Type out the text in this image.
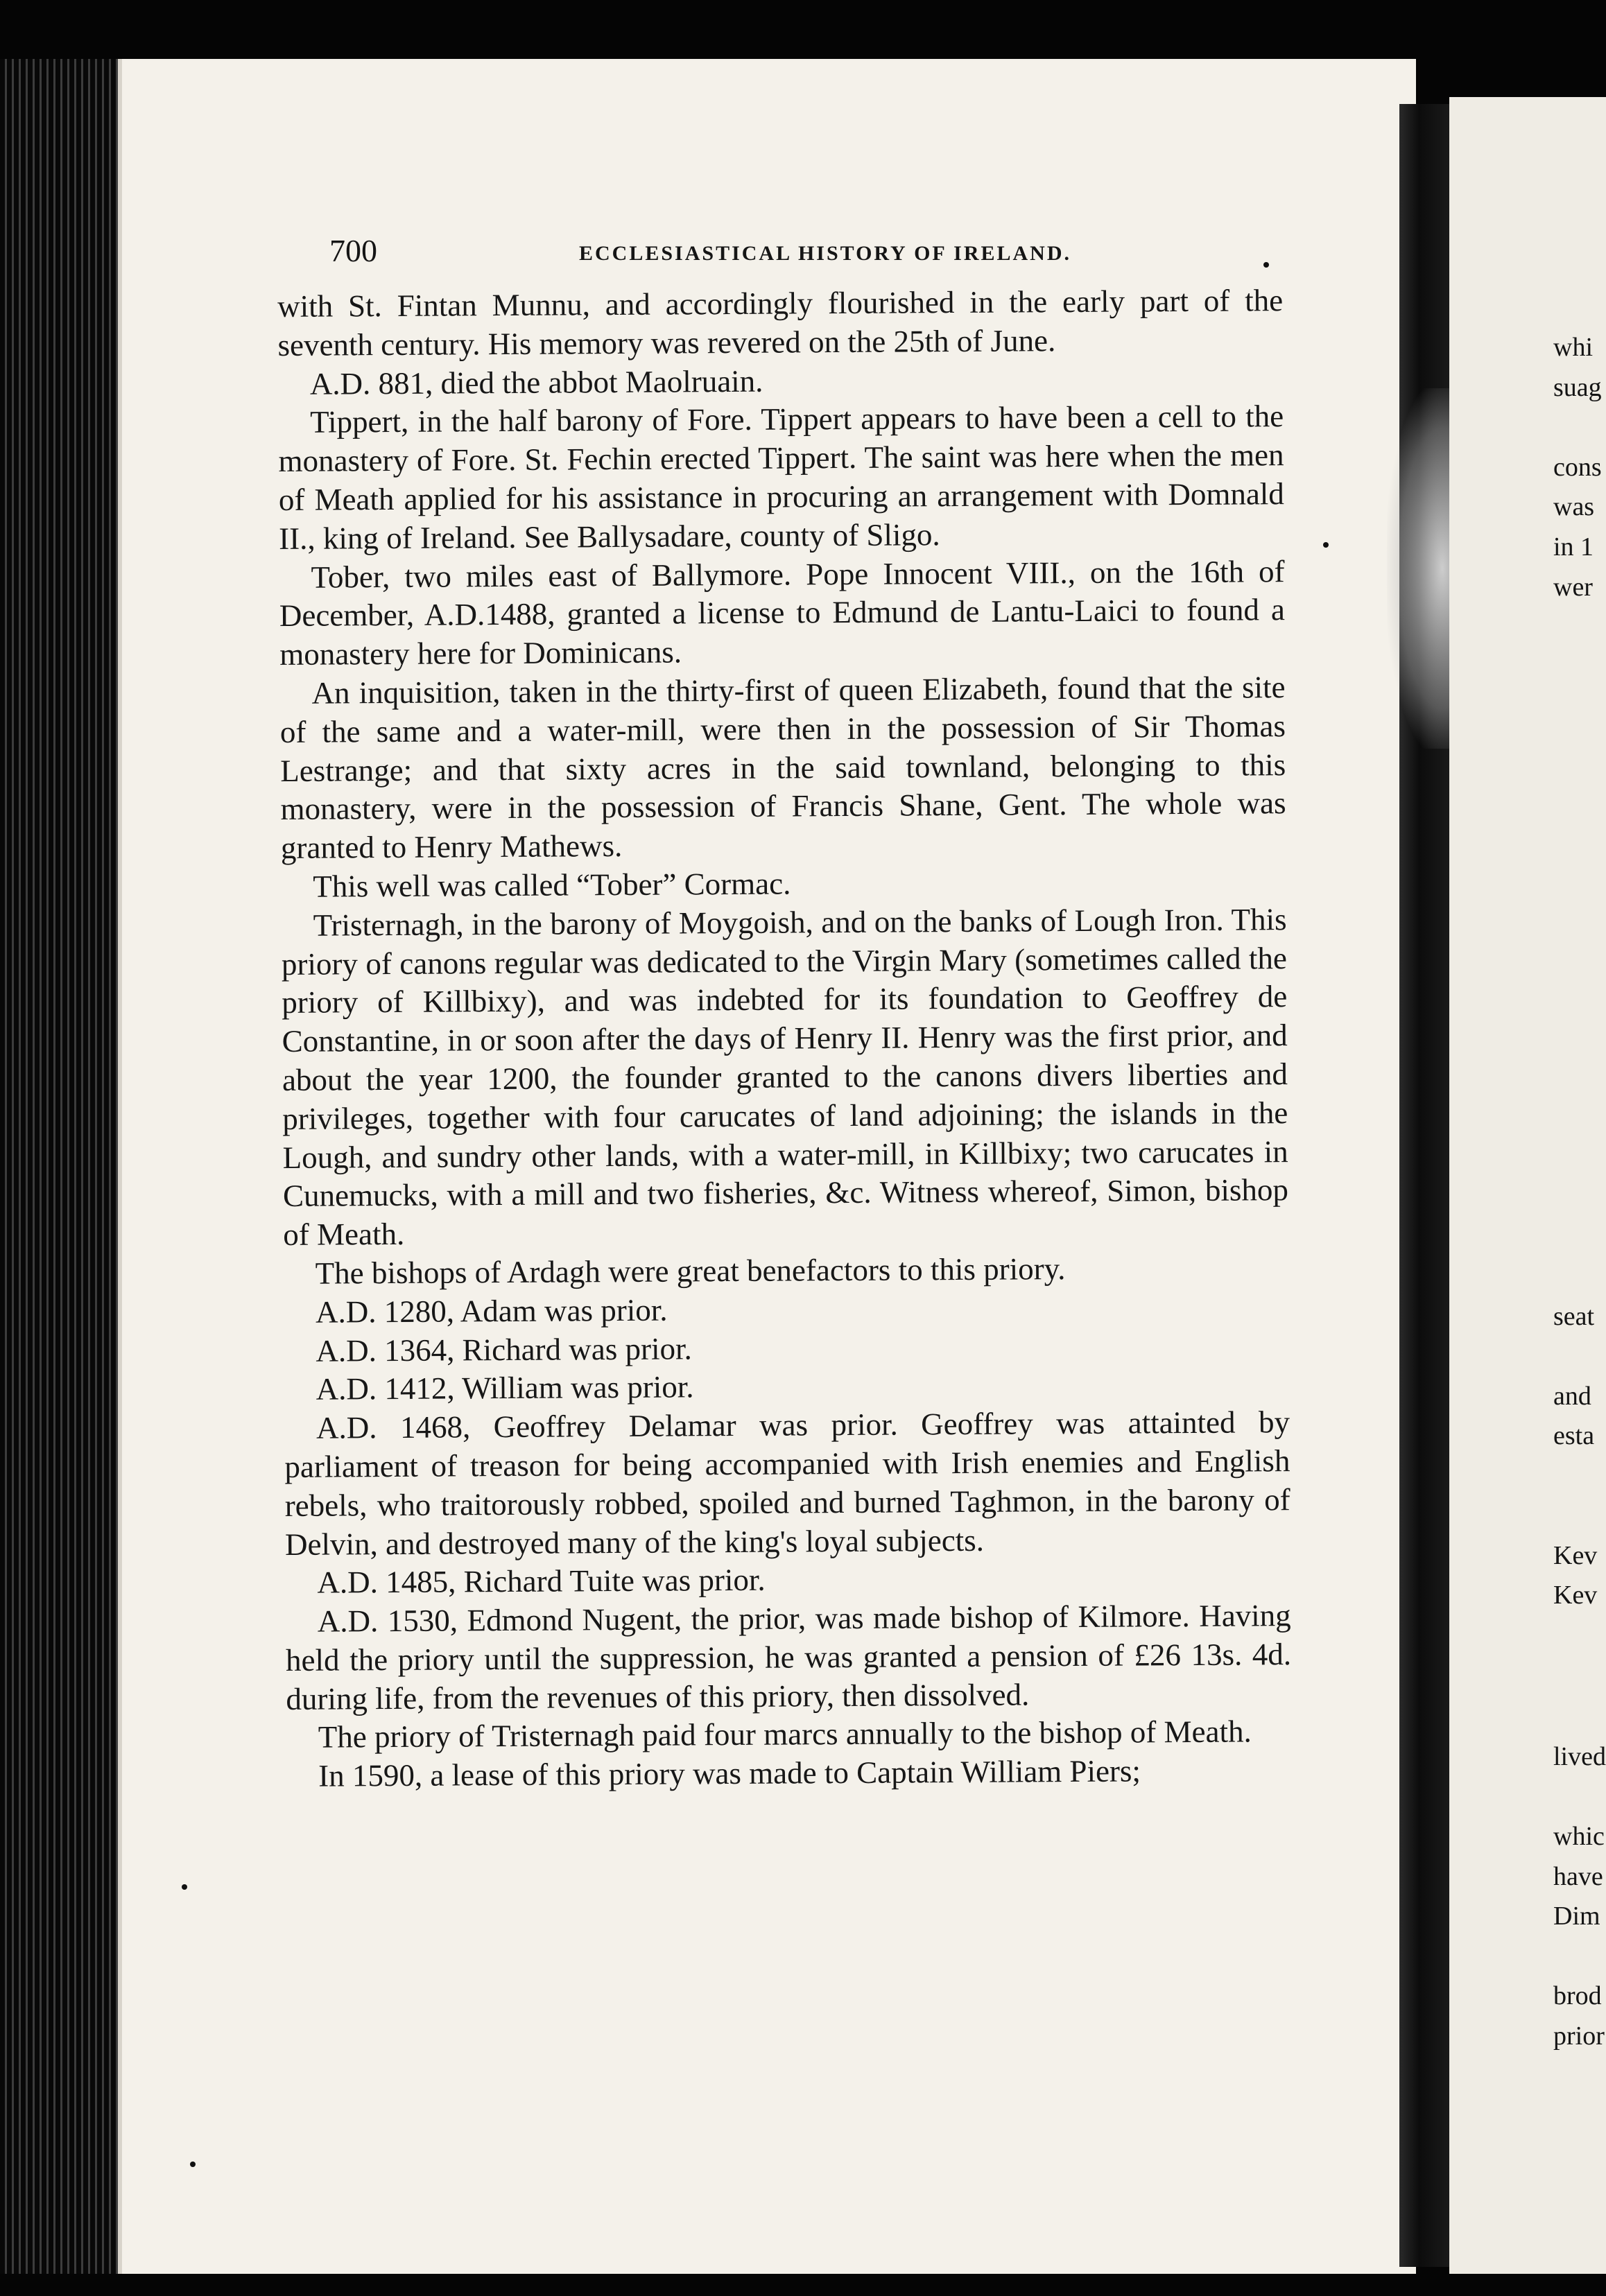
700	ECCLESIASTICAL HISTORY OF IRELAND.

with St. Fintan Munnu, and accordingly flourished in the early part of the seventh century. His memory was revered on the 25th of June.

A.D. 881, died the abbot Maolruain.

Tippert, in the half barony of Fore. Tippert appears to have been a cell to the monastery of Fore. St. Fechin erected Tippert. The saint was here when the men of Meath applied for his assistance in procuring an arrangement with Domnald II., king of Ireland. See Ballysadare, county of Sligo.

Tober, two miles east of Ballymore. Pope Innocent VIII., on the 16th of December, A.D.1488, granted a license to Edmund de Lantu-Laici to found a monastery here for Dominicans.

An inquisition, taken in the thirty-first of queen Elizabeth, found that the site of the same and a water-mill, were then in the possession of Sir Thomas Lestrange; and that sixty acres in the said townland, belonging to this monastery, were in the possession of Francis Shane, Gent. The whole was granted to Henry Mathews.

This well was called “Tober” Cormac.

Tristernagh, in the barony of Moygoish, and on the banks of Lough Iron. This priory of canons regular was dedicated to the Virgin Mary (sometimes called the priory of Killbixy), and was indebted for its foundation to Geoffrey de Constantine, in or soon after the days of Henry II. Henry was the first prior, and about the year 1200, the founder granted to the canons divers liberties and privileges, together with four carucates of land adjoining; the islands in the Lough, and sundry other lands, with a water-mill, in Killbixy; two carucates in Cunemucks, with a mill and two fisheries, &c. Witness whereof, Simon, bishop of Meath.

The bishops of Ardagh were great benefactors to this priory.

A.D. 1280, Adam was prior.

A.D. 1364, Richard was prior.

A.D. 1412, William was prior.

A.D. 1468, Geoffrey Delamar was prior. Geoffrey was attainted by parliament of treason for being accompanied with Irish enemies and English rebels, who traitorously robbed, spoiled and burned Taghmon, in the barony of Delvin, and destroyed many of the king's loyal subjects.

A.D. 1485, Richard Tuite was prior.

A.D. 1530, Edmond Nugent, the prior, was made bishop of Kilmore. Having held the priory until the suppression, he was granted a pension of £26 13s. 4d. during life, from the revenues of this priory, then dissolved.

The priory of Tristernagh paid four marcs annually to the bishop of Meath.

In 1590, a lease of this priory was made to Captain William Piers;

whi
suag
cons
was
in 1
wer
seat
and
esta
Kev
Kev
lived
whic
have
Dim
brod
prior
